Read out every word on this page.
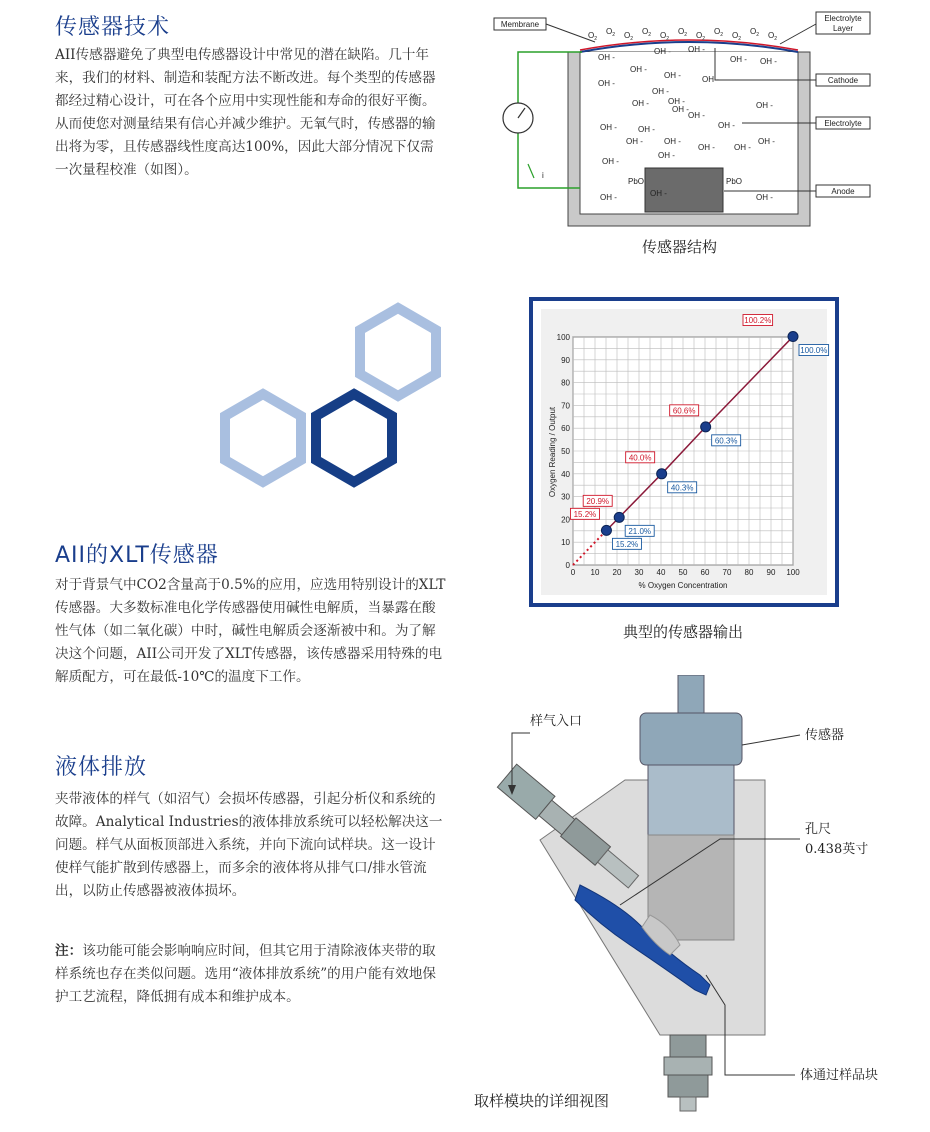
传感器技术

AII传感器避免了典型电传感器设计中常见的潜在缺陷。几十年来，我们的材料、制造和装配方法不断改进。每个类型的传感器都经过精心设计，可在各个应用中实现性能和寿命的很好平衡。从而使您对测量结果有信心并减少维护。无氧气时，传感器的输出将为零，且传感器线性度高达100%，因此大部分情况下仅需一次量程校准（如图）。	i
Membrane
Electrolyte
Layer
Cathode
Electrolyte
Anode
$O_2$
$O_2$ $O_2$
$O_2$ $O_2$
$O_2$ $O_2$
$O_2$ $O_2$
$O_2$ $O_2$
OH -
OH - OH -
OH -
OH -
OH -
OH -
OH -	OH -
OH -
OH - OH -
OH -	OH -
OH -
OH -
OH -
OH -
OH -	OH -
OH - OH -
OH -
OH -
OH -
OH -	OH -
OH -
PbO	PbO
传感器结构
0 10 20 30 40 50 60 70 80 90 100
0
10
20
30
40
50
60
70
80
90
100
% Oxygen Concentration
Oxygen Reading / Output
15.2%
15.2%
20.9%
21.0%
40.0%
40.3%
60.6%
60.3%
100.2%
100.0%
典型的传感器输出
AII的XLT传感器

对于背景气中CO2含量高于0.5%的应用，应选用特别设计的XLT传感器。大多数标准电化学传感器使用碱性电解质，当暴露在酸性气体（如二氧化碳）中时，碱性电解质会逐渐被中和。为了解决这个问题，AII公司开发了XLT传感器，该传感器采用特殊的电解质配方，可在最低-10℃的温度下工作。

液体排放

夹带液体的样气（如沼气）会损坏传感器，引起分析仪和系统的故障。Analytical Industries的液体排放系统可以轻松解决这一问题。样气从面板顶部进入系统，并向下流向试样块。这一设计使样气能扩散到传感器上，而多余的液体将从排气口/排水管流出，以防止传感器被液体损坏。

注：该功能可能会影响响应时间，但其它用于清除液体夹带的取样系统也存在类似问题。选用“液体排放系统”的用户能有效地保护工艺流程，降低拥有成本和维护成本。

样气入口
传感器
孔尺
0.438英寸
体通过样品块
取样模块的详细视图
